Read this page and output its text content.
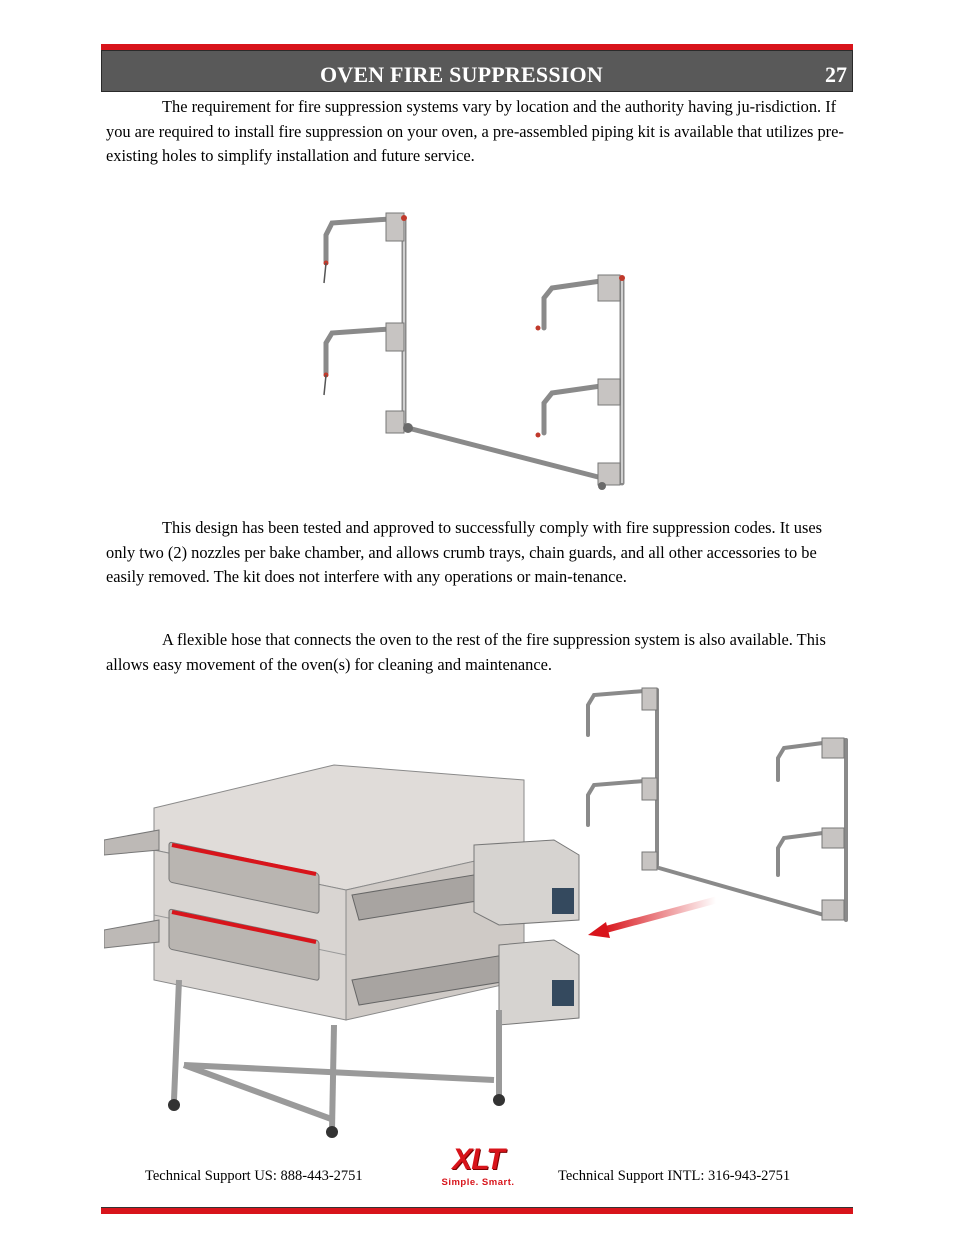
OVEN FIRE SUPPRESSION	27
The requirement for fire suppression systems vary by location and the authority having ju-risdiction. If you are required to install fire suppression on your oven, a pre-assembled piping kit is available that utilizes pre-existing holes to simplify installation and future service.
This design has been tested and approved to successfully comply with fire suppression codes. It uses only two (2) nozzles per bake chamber, and allows crumb trays, chain guards, and all other accessories to be easily removed. The kit does not interfere with any operations or main-tenance.
A flexible hose that connects the oven to the rest of the fire suppression system is also available. This allows easy movement of the oven(s) for cleaning and maintenance.
Technical Support US: 888-443-2751	XLT
Simple. Smart.	Technical Support INTL: 316-943-2751
